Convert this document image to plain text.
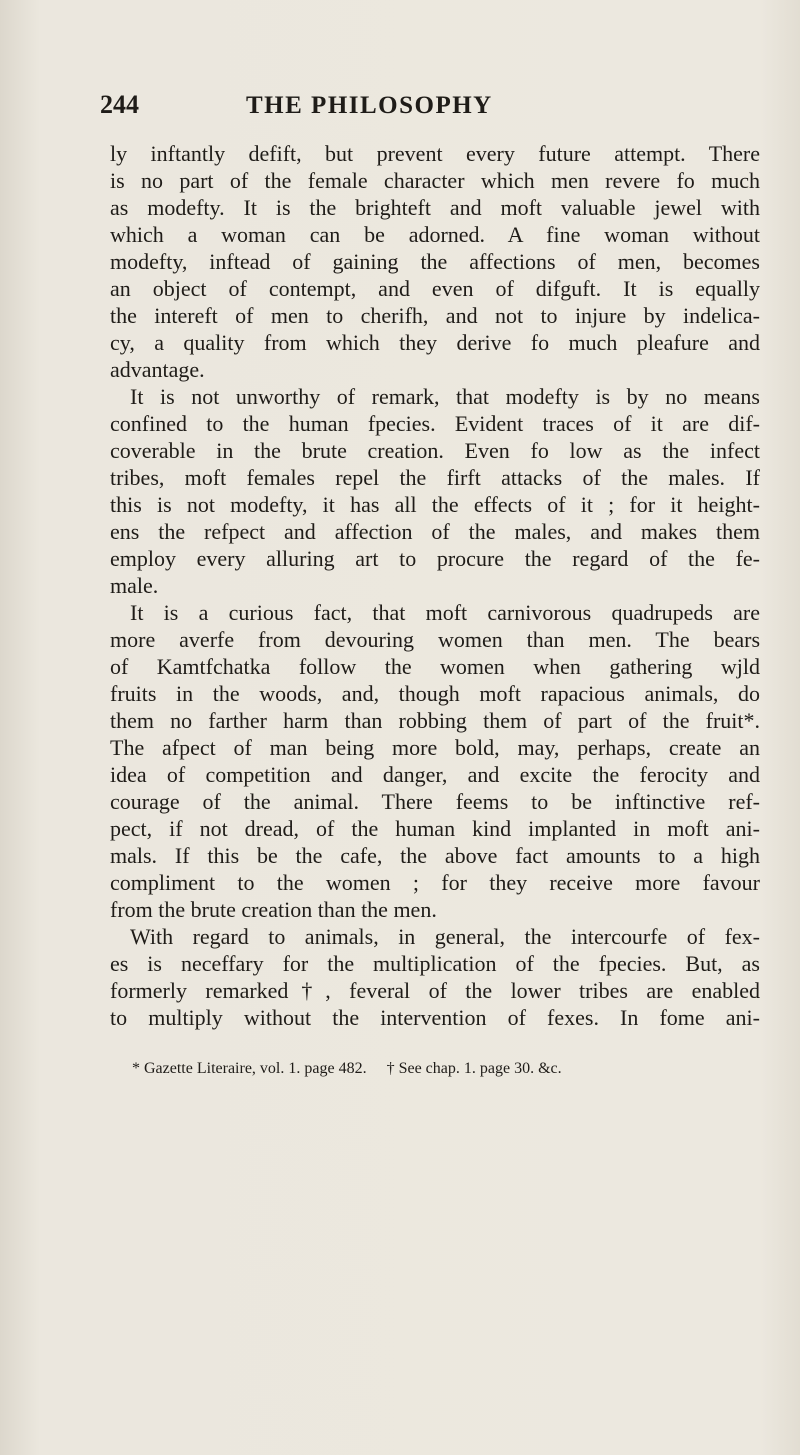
244	THE PHILOSOPHY
ly inftantly defift, but prevent every future attempt. There
is no part of the female character which men revere fo much
as modefty. It is the brighteft and moft valuable jewel with
which a woman can be adorned. A fine woman without
modefty, inftead of gaining the affections of men, becomes
an object of contempt, and even of difguft. It is equally
the intereft of men to cherifh, and not to injure by indelica-
cy, a quality from which they derive fo much pleafure and
advantage.
It is not unworthy of remark, that modefty is by no means
confined to the human fpecies. Evident traces of it are dif-
coverable in the brute creation. Even fo low as the infect
tribes, moft females repel the firft attacks of the males. If
this is not modefty, it has all the effects of it ; for it height-
ens the refpect and affection of the males, and makes them
employ every alluring art to procure the regard of the fe-
male.
It is a curious fact, that moft carnivorous quadrupeds are
more averfe from devouring women than men. The bears
of Kamtfchatka follow the women when gathering wjld
fruits in the woods, and, though moft rapacious animals, do
them no farther harm than robbing them of part of the fruit*.
The afpect of man being more bold, may, perhaps, create an
idea of competition and danger, and excite the ferocity and
courage of the animal. There feems to be inftinctive ref-
pect, if not dread, of the human kind implanted in moft ani-
mals. If this be the cafe, the above fact amounts to a high
compliment to the women ; for they receive more favour
from the brute creation than the men.
With regard to animals, in general, the intercourfe of fex-
es is neceffary for the multiplication of the fpecies. But, as
formerly remarked†, feveral of the lower tribes are enabled
to multiply without the intervention of fexes. In fome ani-
* Gazette Literaire, vol. 1. page 482. † See chap. 1. page 30. &c.
